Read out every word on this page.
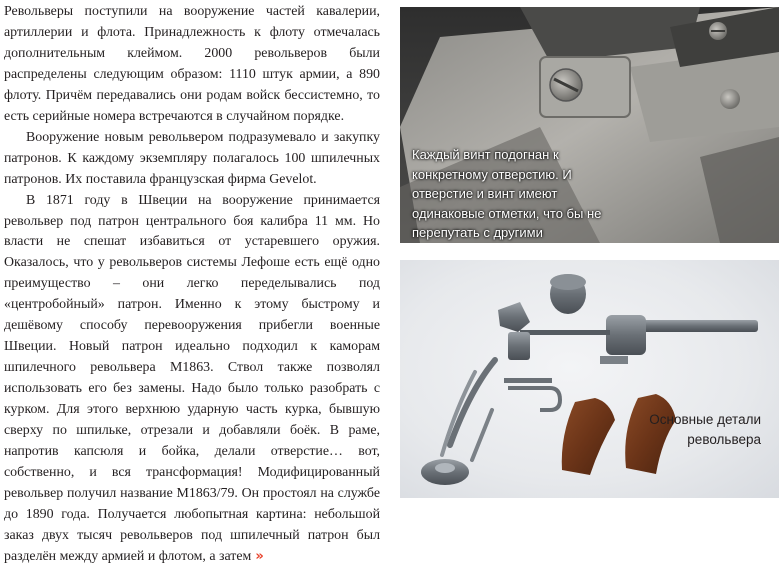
Револьверы поступили на вооружение частей кавалерии, артиллерии и флота. Принадлежность к флоту отмечалась дополнительным клеймом. 2000 револьверов были распределены следующим образом: 1110 штук армии, а 890 флоту. Причём передавались они родам войск бессистемно, то есть серийные номера встречаются в случайном порядке.

Вооружение новым револьвером подразумевало и закупку патронов. К каждому экземпляру полагалось 100 шпилечных патронов. Их поставила французская фирма Gevelot.

В 1871 году в Швеции на вооружение принимается револьвер под патрон центрального боя калибра 11 мм. Но власти не спешат избавиться от устаревшего оружия. Оказалось, что у револьверов системы Лефоше есть ещё одно преимущество – они легко переделывались под «центробойный» патрон. Именно к этому быстрому и дешёвому способу перевооружения прибегли военные Швеции. Новый патрон идеально подходил к каморам шпилечного револьвера М1863. Ствол также позволял использовать его без замены. Надо было только разобрать с курком. Для этого верхнюю ударную часть курка, бывшую сверху по шпильке, отрезали и добавляли боёк. В раме, напротив капсюля и бойка, делали отверстие… вот, собственно, и вся трансформация! Модифицированный револьвер получил название М1863/79. Он простоял на службе до 1890 года. Получается любопытная картина: небольшой заказ двух тысяч револьверов под шпилечный патрон был разделён между армией и флотом, а затем »

Каждый винт подогнан к конкретному отверстию. И отверстие и винт имеют одинаковые отметки, что бы не перепутать с другими
Основные детали револьвера
